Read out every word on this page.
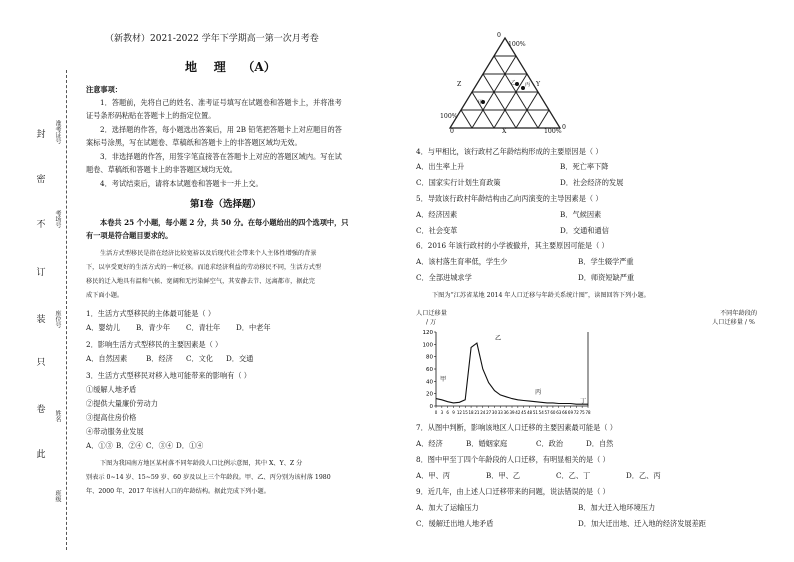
封
密
不
订
装
只
卷
此
准考证号
考场号
座位号
姓名
班级
（新教材）2021-2022 学年下学期高一第一次月考卷
地    理    （A）
注意事项：
1．答题前，先将自己的姓名、准考证号填写在试题卷和答题卡上，并将准考
证号条形码粘贴在答题卡上的指定位置。
2．选择题的作答，每小题选出答案后，用 2B 铅笔把答题卡上对应题目的答
案标号涂黑，写在试题卷、草稿纸和答题卡上的非答题区域均无效。
3．非选择题的作答，用签字笔直接答在答题卡上对应的答题区域内。写在试
题卷、草稿纸和答题卡上的非答题区域均无效。
4．考试结束后，请将本试题卷和答题卡一并上交。
第Ⅰ卷（选择题）
本卷共 25 个小题，每小题 2 分，共 50 分。在每小题给出的四个选项中，只
有一项是符合题目要求的。
生活方式型移民是指在经济比较宽裕以及后现代社会带来个人主体性增强的背景
下，以享受更好的生活方式的一种迁移。而追求经济利益的劳动移民不同，生活方式型
移民的迁入地具有温和气候、宽阔和无污染鲜空气，其安静去节、远离都市，据此完
成下面小题。
1．生活方式型移民的主体最可能是（ ）
A．婴幼儿 B．青少年 C．青壮年 D．中老年
2．影响生活方式型移民的主要因素是（ ）
A．自然因素	B．经济 C．文化 D．交通
3．生活方式型移民对移入地可能带来的影响有（ ）
①缓解人地矛盾
②提供大量廉价劳动力
③提高住房价格
④带动服务业发展
A．①③ B．②④ C．③④ D．①④
下图为我国南方地区某村落不同年龄段人口比例示意图，其中 X、Y、Z 分
别表示 0~14 岁、15~59 岁、60 岁及以上三个年龄段。甲、乙、丙分别为该村落 1980
年、2000 年、2017 年该村人口的年龄结构。据此完成下列小题。
100%
0
100%
100%
0
0
X
Y
Z
甲
乙 丙
4．与甲相比，该行政村乙年龄结构形成的主要原因是（ ）
A．出生率上升	B．死亡率下降
C．国家实行计划生育政策	D．社会经济的发展
5．导致该行政村年龄结构由乙向丙演变的主导因素是（ ）
A．经济因素	B．气候因素
C．社会变革	D．交通和通信
6．2016 年该行政村的小学被撤并，其主要原因可能是（ ）
A．该村落生育率低，学生少	B．学生辍学严重
C．全部进城求学	D．师资短缺严重
下图为“江苏省某地 2014 年人口迁移与年龄关系统计图”，读图回答下列小题。
人口迁移量
/ 万
不同年龄段的
人口迁移量 / %
120
100
80
60
40
20
0
0 3 6 9 12 15 18 21 24 27 30 33 36 39 42 45 48 51 54 57 60 63 66 69 72 75 78
甲
乙
丙
丁
7．从图中判断，影响该地区人口迁移的主要因素最可能是（ ）
A．经济	B．婚姻家庭	C．政治	D．自然
8．图中甲至丁四个年龄段的人口迁移，有明显相关的是（ ）
A．甲、丙	B．甲、乙	C．乙、丁	D．乙、丙
9．近几年，由上述人口迁移带来的问题，说法错误的是（ ）
A．加大了运输压力	B．加大迁入地环境压力
C．缓解迁出地人地矛盾	D．加大迁出地、迁入地的经济发展差距
